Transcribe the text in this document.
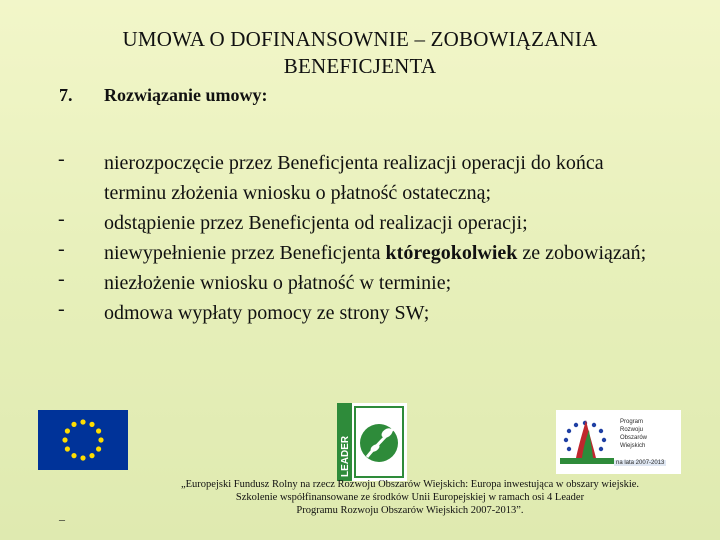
UMOWA O DOFINANSOWNIE – ZOBOWIĄZANIA
BENEFICJENTA
7. Rozwiązanie umowy:
- nierozpoczęcie przez Beneficjenta realizacji operacji do końca terminu złożenia wniosku o płatność ostateczną;
- odstąpienie przez Beneficjenta od realizacji operacji;
- niewypełnienie przez Beneficjenta któregokolwiek ze zobowiązań;
- niezłożenie wniosku o płatność w terminie;
- odmowa wypłaty pomocy ze strony SW;
LEADER
Program
Rozwoju
Obszarów
Wiejskich
na lata 2007-2013
„Europejski Fundusz Rolny na rzecz Rozwoju Obszarów Wiejskich: Europa inwestująca w obszary wiejskie.
Szkolenie współfinansowane ze środków Unii Europejskiej w ramach osi 4 Leader
Programu Rozwoju Obszarów Wiejskich 2007-2013”.
–
